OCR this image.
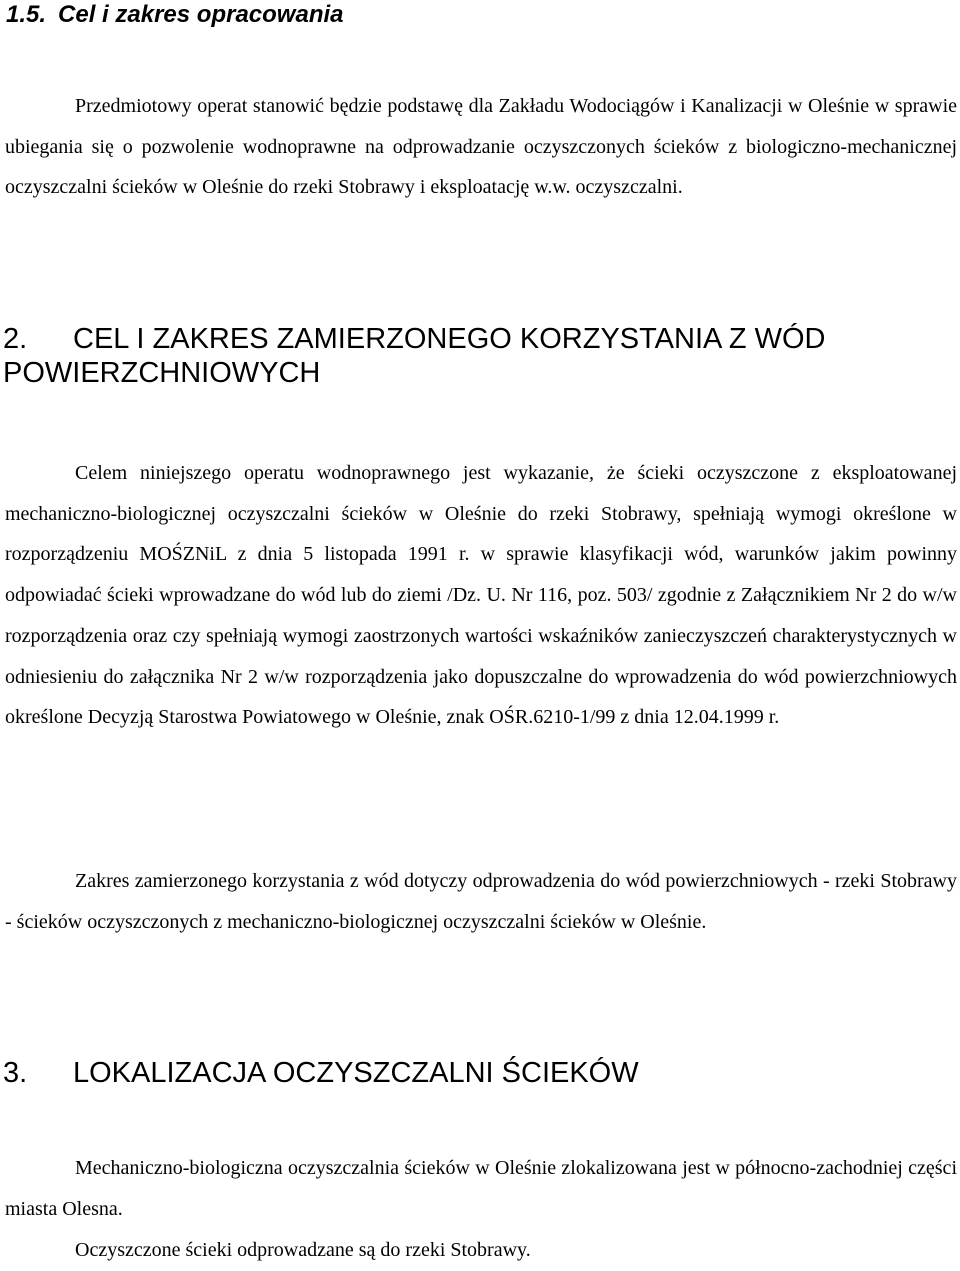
1.5. Cel i zakres opracowania

Przedmiotowy operat stanowić będzie podstawę dla Zakładu Wodociągów i Kanalizacji w Oleśnie w sprawie ubiegania się o pozwolenie wodnoprawne na odprowadzanie oczyszczonych ścieków z biologiczno-mechanicznej oczyszczalni ścieków w Oleśnie do rzeki Stobrawy i eksploatację w.w. oczyszczalni.

2. CEL I ZAKRES ZAMIERZONEGO KORZYSTANIA Z WÓD
POWIERZCHNIOWYCH

Celem niniejszego operatu wodnoprawnego jest wykazanie, że ścieki oczyszczone z eksploatowanej mechaniczno-biologicznej oczyszczalni ścieków w Oleśnie do rzeki Stobrawy, spełniają wymogi określone w rozporządzeniu MOŚZNiL z dnia 5 listopada 1991 r. w sprawie klasyfikacji wód, warunków jakim powinny odpowiadać ścieki wprowadzane do wód lub do ziemi /Dz. U. Nr 116, poz. 503/ zgodnie z Załącznikiem Nr 2 do w/w rozporządzenia oraz czy spełniają wymogi zaostrzonych wartości wskaźników zanieczyszczeń charakterystycznych w odniesieniu do załącznika Nr 2 w/w rozporządzenia jako dopuszczalne do wprowadzenia do wód powierzchniowych określone Decyzją Starostwa Powiatowego w Oleśnie, znak OŚR.6210-1/99 z dnia 12.04.1999 r.

Zakres zamierzonego korzystania z wód dotyczy odprowadzenia do wód powierzchniowych - rzeki Stobrawy - ścieków oczyszczonych z mechaniczno-biologicznej oczyszczalni ścieków w Oleśnie.

3. LOKALIZACJA OCZYSZCZALNI ŚCIEKÓW

Mechaniczno-biologiczna oczyszczalnia ścieków w Oleśnie zlokalizowana jest w północno-zachodniej części miasta Olesna.

Oczyszczone ścieki odprowadzane są do rzeki Stobrawy.
